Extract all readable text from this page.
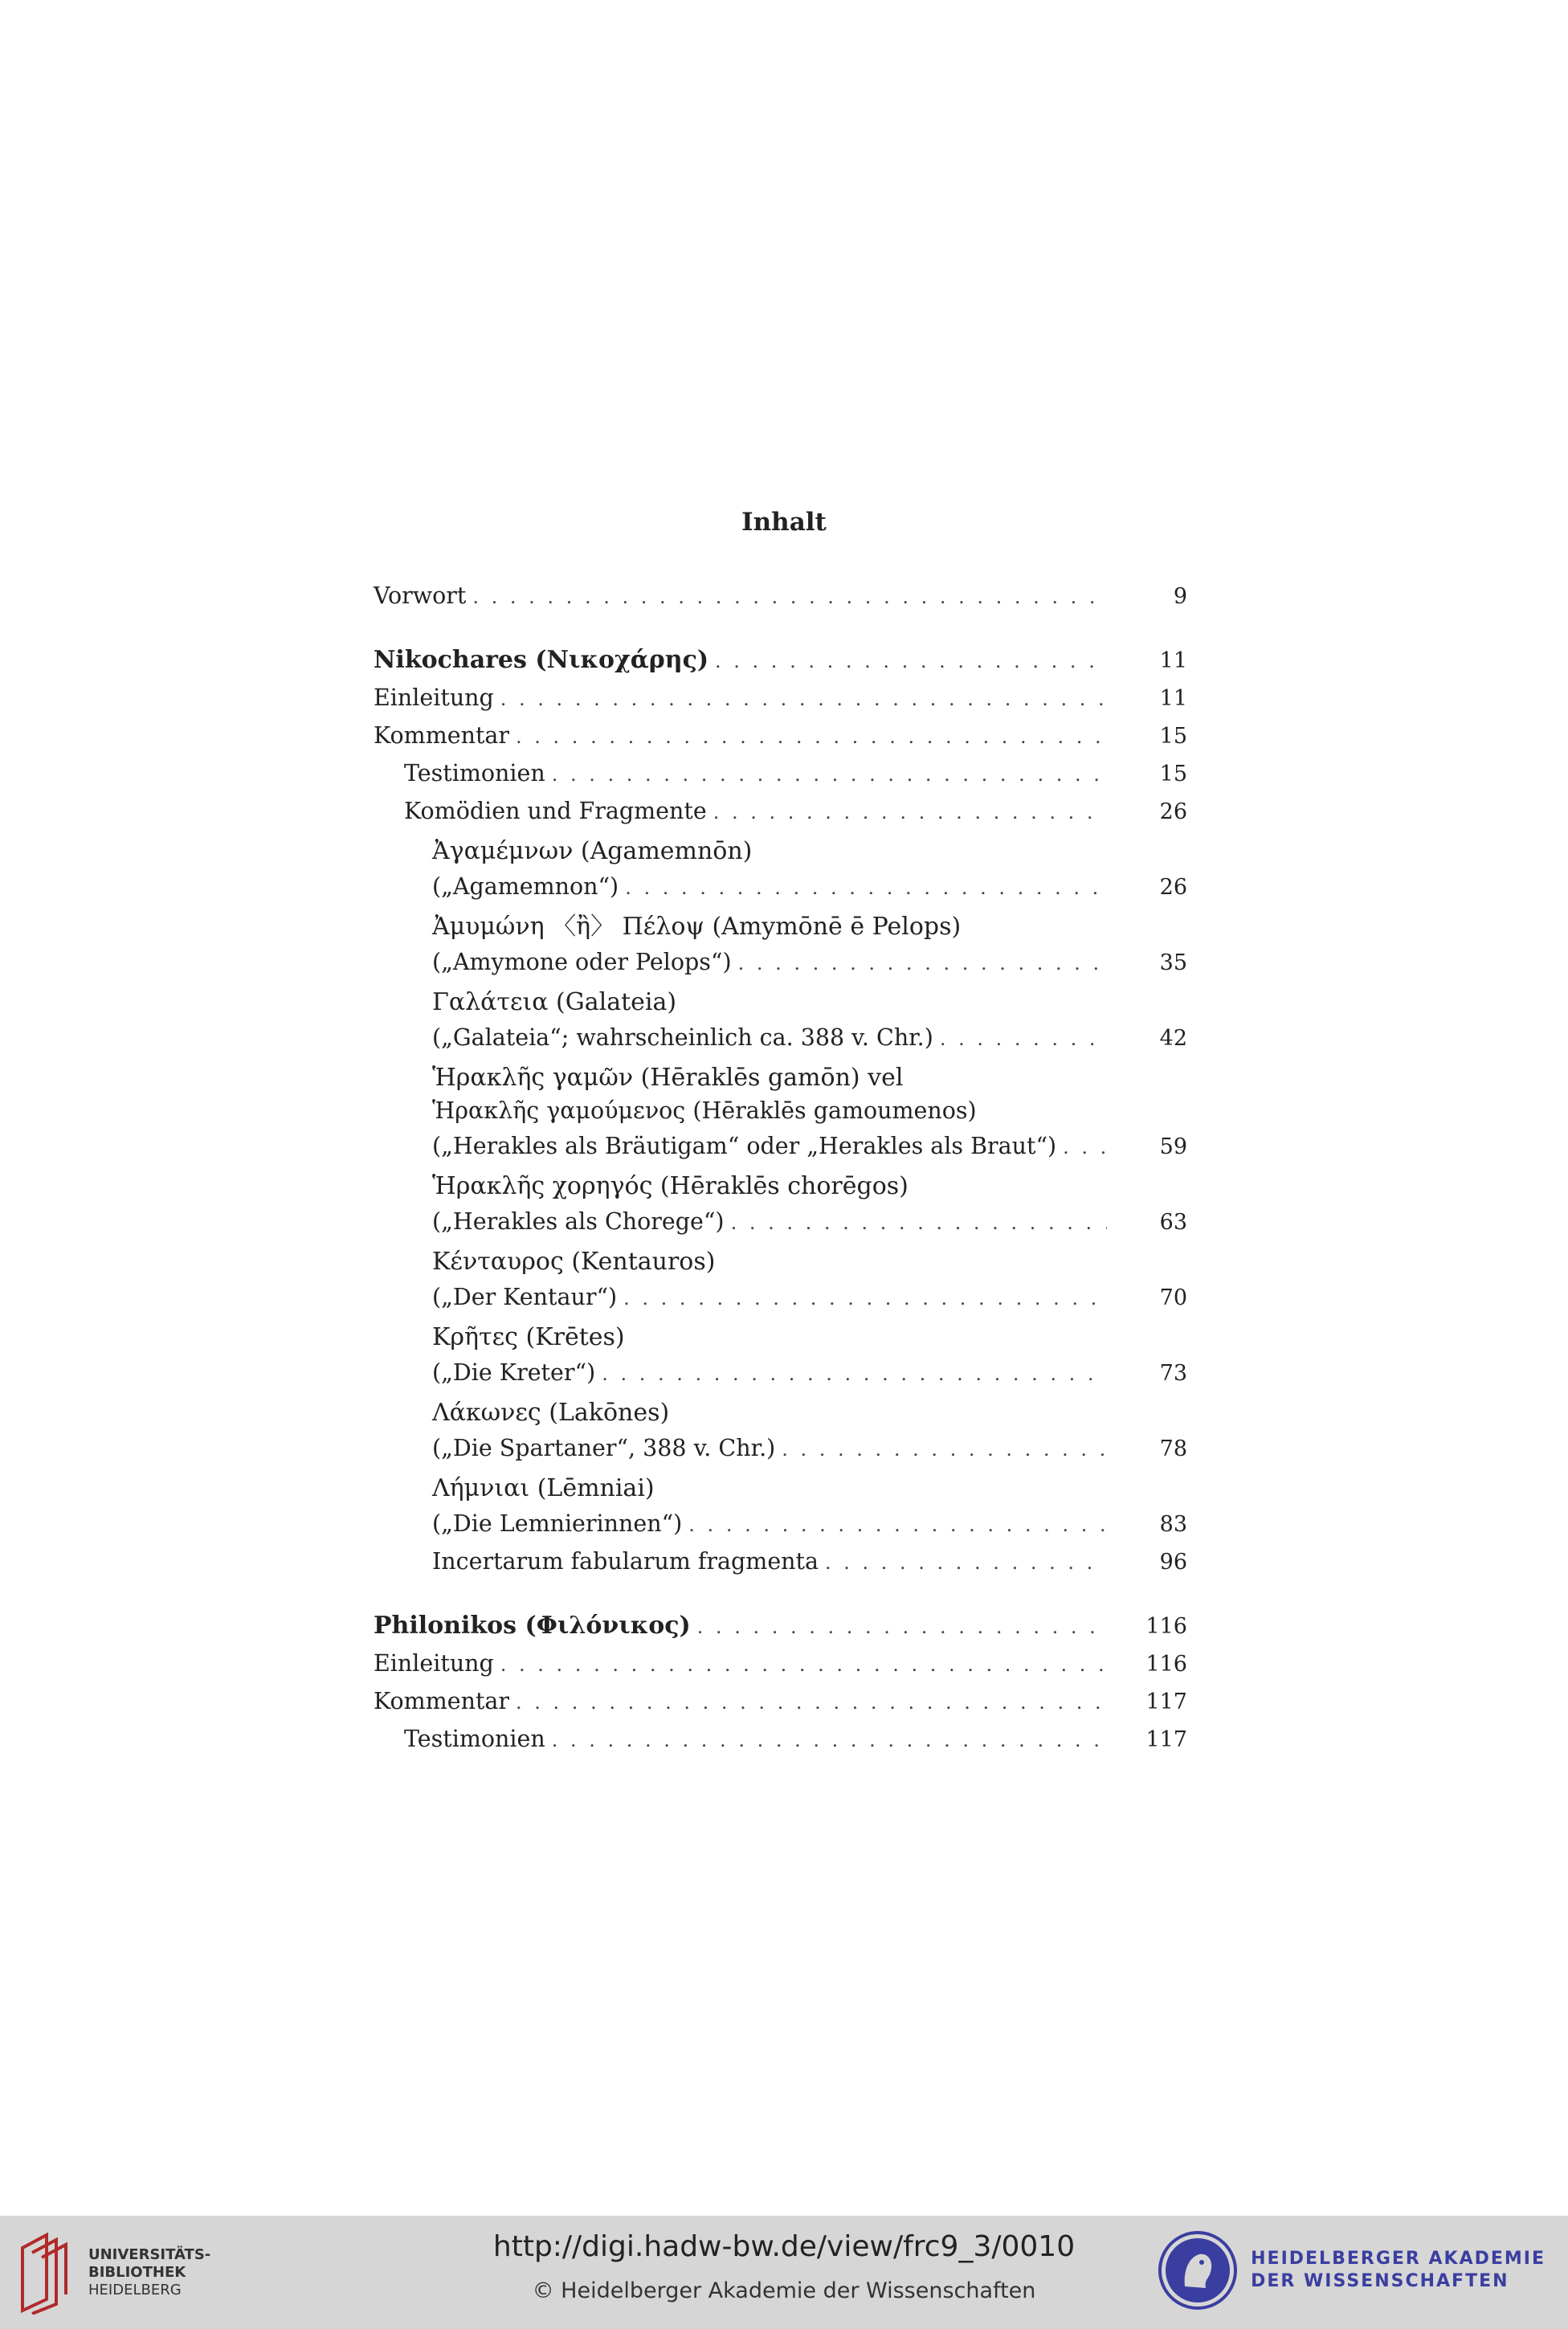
Inhalt
Vorwort . . .	9
Nikochares (Νικοχάρης) . . .	11
Einleitung . . .	11
Kommentar . . .	15
Testimonien . . .	15
Komödien und Fragmente . . .	26
Ἀγαμέμνων (Agamemnōn)
(„Agamemnon“) . . .	26
Ἀμυμώνη 〈ἢ〉 Πέλοψ (Amymōnē ē Pelops)
(„Amymone oder Pelops“) . . .	35
Γαλάτεια (Galateia)
(„Galateia“; wahrscheinlich ca. 388 v. Chr.) . . .	42
Ἡρακλῆς γαμῶν (Hēraklēs gamōn) vel
Ἡρακλῆς γαμούμενος (Hēraklēs gamoumenos)
(„Herakles als Bräutigam“ oder „Herakles als Braut“) . . .	59
Ἡρακλῆς χορηγός (Hēraklēs chorēgos)
(„Herakles als Chorege“) . . .	63
Κένταυρος (Kentauros)
(„Der Kentaur“) . . .	70
Κρῆτες (Krētes)
(„Die Kreter“) . . .	73
Λάκωνες (Lakōnes)
(„Die Spartaner“, 388 v. Chr.) . . .	78
Λήμνιαι (Lēmniai)
(„Die Lemnierinnen“) . . .	83
Incertarum fabularum fragmenta . . .	96
Philonikos (Φιλόνικος) . . .	116
Einleitung . . .	116
Kommentar . . .	117
Testimonien . . .	117
UNIVERSITÄTS-
BIBLIOTHEK
HEIDELBERG
http://digi.hadw-bw.de/view/frc9_3/0010
© Heidelberger Akademie der Wissenschaften
HEIDELBERGER AKADEMIE
DER WISSENSCHAFTEN
